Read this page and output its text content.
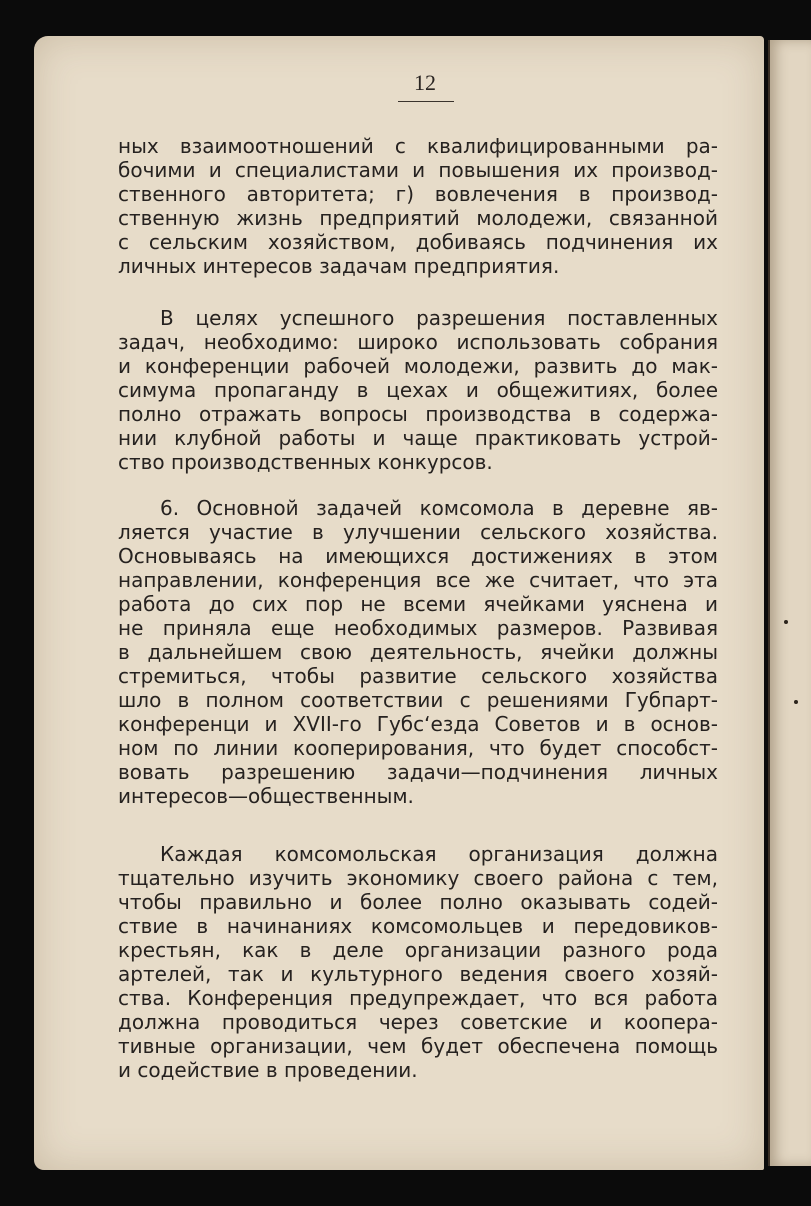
12
ных взаимоотношений с квалифицированными ра-
бочими и специалистами и повышения их производ-
ственного авторитета; г) вовлечения в производ-
ственную жизнь предприятий молодежи, связанной
с сельским хозяйством, добиваясь подчинения их
личных интересов задачам предприятия.
В целях успешного разрешения поставленных
задач, необходимо: широко использовать собрания
и конференции рабочей молодежи, развить до мак-
симума пропаганду в цехах и общежитиях, более
полно отражать вопросы производства в содержа-
нии клубной работы и чаще практиковать устрой-
ство производственных конкурсов.
6. Основной задачей комсомола в деревне яв-
ляется участие в улучшении сельского хозяйства.
Основываясь на имеющихся достижениях в этом
направлении, конференция все же считает, что эта
работа до сих пор не всеми ячейками уяснена и
не приняла еще необходимых размеров. Развивая
в дальнейшем свою деятельность, ячейки должны
стремиться, чтобы развитие сельского хозяйства
шло в полном соответствии с решениями Губпарт-
конференци и XVII-го Губс‘езда Советов и в основ-
ном по линии кооперирования, что будет способст-
вовать разрешению задачи—подчинения личных
интересов—общественным.
Каждая комсомольская организация должна
тщательно изучить экономику своего района с тем,
чтобы правильно и более полно оказывать содей-
ствие в начинаниях комсомольцев и передовиков-
крестьян, как в деле организации разного рода
артелей, так и культурного ведения своего хозяй-
ства. Конференция предупреждает, что вся работа
должна проводиться через советские и коопера-
тивные организации, чем будет обеспечена помощь
и содействие в проведении.
